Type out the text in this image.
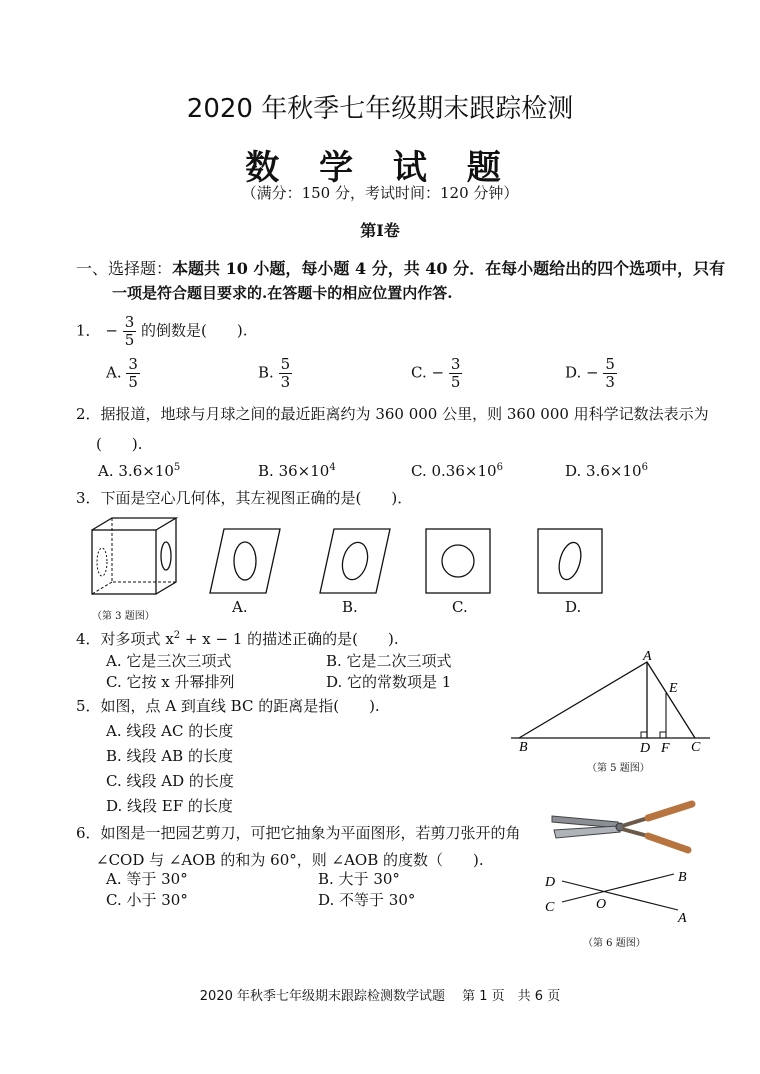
2020 年秋季七年级期末跟踪检测
数 学 试 题
（满分：150 分，考试时间：120 分钟）
第Ⅰ卷
一、选择题：本题共 10 小题，每小题 4 分，共 40 分．在每小题给出的四个选项中，只有
一项是符合题目要求的.在答题卡的相应位置内作答.
1． − $\frac{3}{5}$ 的倒数是(　　).
A. $\frac{3}{5}$	B. $\frac{5}{3}$	C. − $\frac{3}{5}$	D. − $\frac{5}{3}$
2．据报道，地球与月球之间的最近距离约为 360 000 公里，则 360 000 用科学记数法表示为
(　　).
A. $3.6\times 10^5$	B. $36\times 10^4$	C. $0.36\times 10^6$	D. $3.6\times 10^6$
3．下面是空心几何体，其左视图正确的是(　　)．
（第 3 题图）
A.	B.	C.	D.
4．对多项式 $x^2 + x - 1$ 的描述正确的是(　　).
A. 它是三次三项式	B. 它是二次三项式
C. 它按 x 升幂排列	D. 它的常数项是 1
5．如图，点 A 到直线 BC 的距离是指(　　).
A. 线段 AC 的长度
B. 线段 AB 的长度
C. 线段 AD 的长度
D. 线段 EF 的长度
A
B	C
D
E
F
（第 5 题图）
6．如图是一把园艺剪刀，可把它抽象为平面图形，若剪刀张开的角
∠COD 与 ∠AOB 的和为 60°，则 ∠AOB 的度数（　　).
A. 等于 30°	B. 大于 30°
C. 小于 30°	D. 不等于 30°
D
C	O
B
A
（第 6 题图）
2020 年秋季七年级期末跟踪检测数学试题　 第 1 页　共 6 页
